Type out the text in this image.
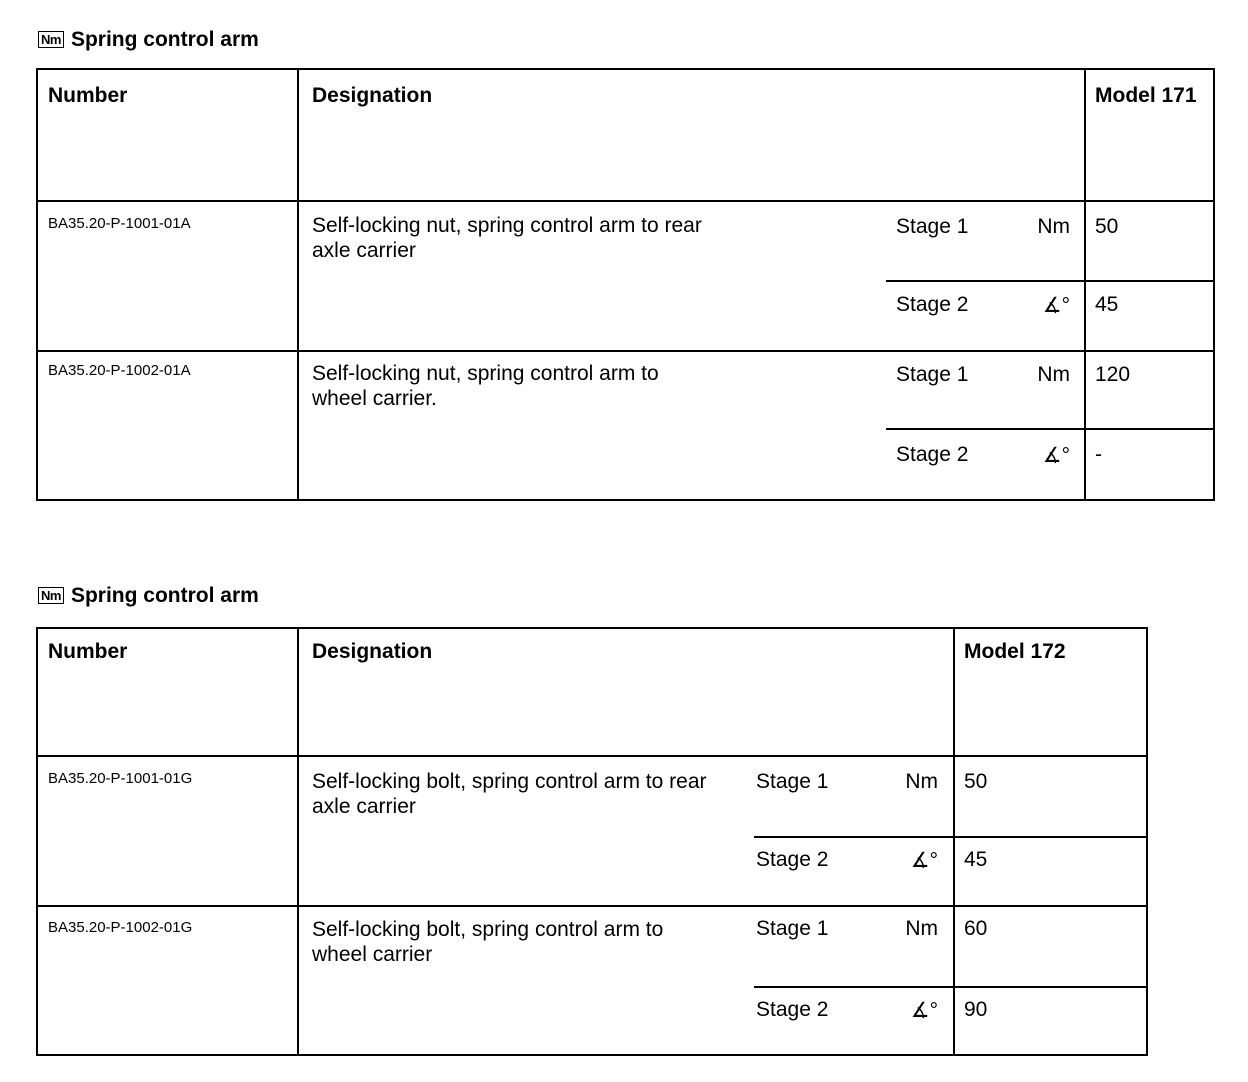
Nm Spring control arm
Number	Designation	Model 171
BA35.20-P-1001-01A	Self-locking nut, spring control arm to rear axle carrier
Stage 1	Nm 50
Stage 2	∡° 45
BA35.20-P-1002-01A	Self-locking nut, spring control arm to wheel carrier.
Stage 1	Nm 120
Stage 2	∡° -
Nm Spring control arm
Number	Designation	Model 172
BA35.20-P-1001-01G	Self-locking bolt, spring control arm to rear axle carrier
Stage 1	Nm 50
Stage 2	∡° 45
BA35.20-P-1002-01G	Self-locking bolt, spring control arm to wheel carrier
Stage 1	Nm 60
Stage 2	∡° 90
